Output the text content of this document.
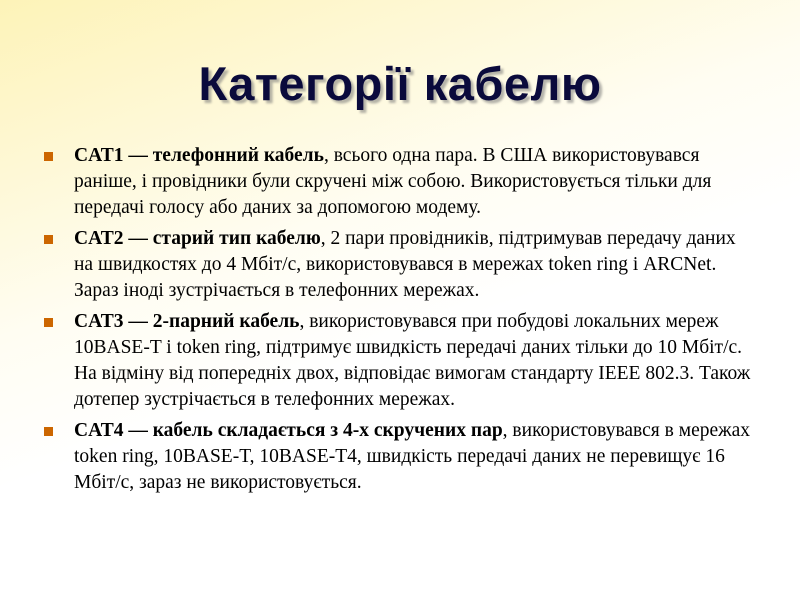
Категорії кабелю
CAT1 — телефонний кабель, всього одна пара. В США використовувався раніше, і провідники були скручені між собою. Використовується тільки для передачі голосу або даних за допомогою модему.
CAT2 — старий тип кабелю, 2 пари провідників, підтримував передачу даних на швидкостях до 4 Мбіт/с, використовувався в мережах token ring і ARCNet. Зараз іноді зустрічається в телефонних мережах.
CAT3 — 2-парний кабель, використовувався при побудові локальних мереж 10BASE-T і token ring, підтримує швидкість передачі даних тільки до 10 Мбіт/с. На відміну від попередніх двох, відповідає вимогам стандарту IEEE 802.3. Також дотепер зустрічається в телефонних мережах.
CAT4 — кабель складається з 4-х скручених пар, використовувався в мережах token ring, 10BASE-T, 10BASE-T4, швидкість передачі даних не перевищує 16 Мбіт/с, зараз не використовується.
